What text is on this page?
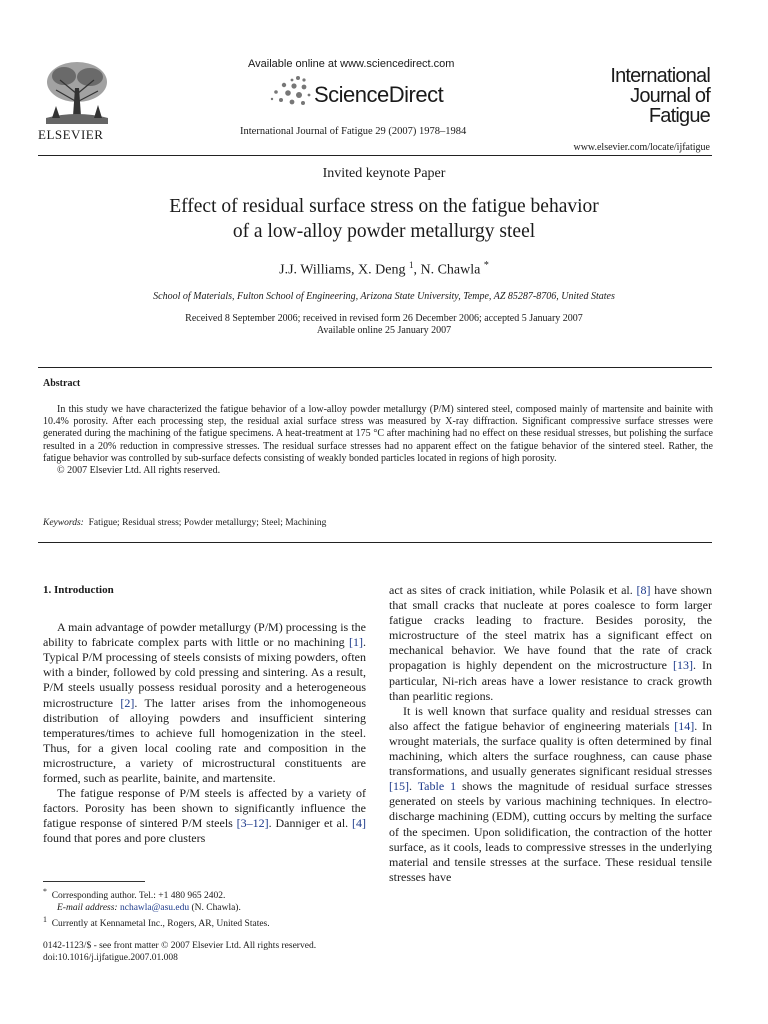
ELSEVIER
Available online at www.sciencedirect.com
ScienceDirect
International Journal of Fatigue 29 (2007) 1978–1984
International
Journal of
Fatigue
www.elsevier.com/locate/ijfatigue
Invited keynote Paper
Effect of residual surface stress on the fatigue behavior
of a low-alloy powder metallurgy steel
J.J. Williams, X. Deng $^1$, N. Chawla *
School of Materials, Fulton School of Engineering, Arizona State University, Tempe, AZ 85287-8706, United States
Received 8 September 2006; received in revised form 26 December 2006; accepted 5 January 2007
Available online 25 January 2007
Abstract

In this study we have characterized the fatigue behavior of a low-alloy powder metallurgy (P/M) sintered steel, composed mainly of martensite and bainite with 10.4% porosity. After each processing step, the residual axial surface stress was measured by X-ray diffraction. Significant compressive surface stresses were generated during the machining of the fatigue specimens. A heat-treatment at 175 °C after machining had no effect on these residual stresses, but polishing the surface resulted in a 20% reduction in compressive stresses. The residual surface stresses had no apparent effect on the fatigue behavior of the sintered steel. Rather, the fatigue behavior was controlled by sub-surface defects consisting of weakly bonded particles located in regions of high porosity.

© 2007 Elsevier Ltd. All rights reserved.

Keywords: Fatigue; Residual stress; Powder metallurgy; Steel; Machining
1. Introduction

A main advantage of powder metallurgy (P/M) processing is the ability to fabricate complex parts with little or no machining [1]. Typical P/M processing of steels consists of mixing powders, often with a binder, followed by cold pressing and sintering. As a result, P/M steels usually possess residual porosity and a heterogeneous microstructure [2]. The latter arises from the inhomogeneous distribution of alloying powders and insufficient sintering temperatures/times to achieve full homogenization in the steel. Thus, for a given local cooling rate and composition in the microstructure, a variety of microstructural constituents are formed, such as pearlite, bainite, and martensite.

The fatigue response of P/M steels is affected by a variety of factors. Porosity has been shown to significantly influence the fatigue response of sintered P/M steels [3–12]. Danniger et al. [4] found that pores and pore clusters

act as sites of crack initiation, while Polasik et al. [8] have shown that small cracks that nucleate at pores coalesce to form larger fatigue cracks leading to fracture. Besides porosity, the microstructure of the steel matrix has a significant effect on mechanical behavior. We have found that the rate of crack propagation is highly dependent on the microstructure [13]. In particular, Ni-rich areas have a lower resistance to crack growth than pearlitic regions.

It is well known that surface quality and residual stresses can also affect the fatigue behavior of engineering materials [14]. In wrought materials, the surface quality is often determined by final machining, which alters the surface roughness, can cause phase transformations, and usually generates significant residual stresses [15]. Table 1 shows the magnitude of residual surface stresses generated on steels by various machining techniques. In electro-discharge machining (EDM), cutting occurs by melting the surface of the specimen. Upon solidification, the contraction of the hotter surface, as it cools, leads to compressive stresses in the underlying material and tensile stresses at the surface. These residual tensile stresses have

* Corresponding author. Tel.: +1 480 965 2402.
E-mail address: nchawla@asu.edu (N. Chawla).
$^1$ Currently at Kennametal Inc., Rogers, AR, United States.
0142-1123/$ - see front matter © 2007 Elsevier Ltd. All rights reserved.
doi:10.1016/j.ijfatigue.2007.01.008
